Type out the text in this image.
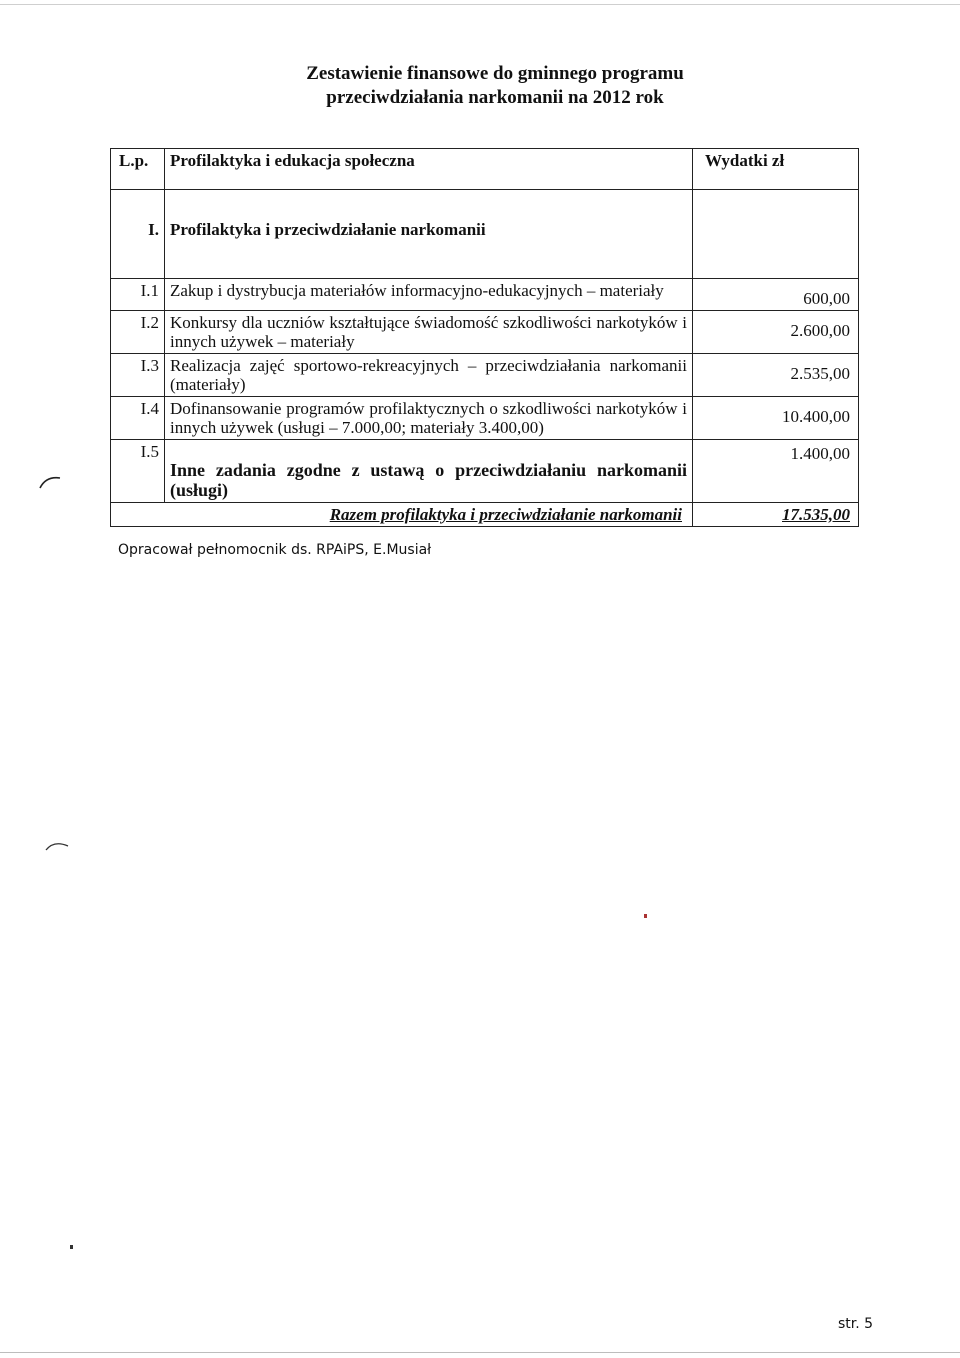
Zestawienie finansowe do gminnego programu
przeciwdziałania narkomanii na 2012 rok
L.p.	Profilaktyka i edukacja społeczna	Wydatki zł
I.	Profilaktyka i przeciwdziałanie narkomanii	
I.1	Zakup i dystrybucja materiałów informacyjno-edukacyjnych – materiały	600,00
I.2	Konkursy dla uczniów kształtujące świadomość szkodliwości narkotyków i innych używek – materiały	2.600,00
I.3	Realizacja zajęć sportowo-rekreacyjnych – przeciwdziałania narkomanii (materiały)	2.535,00
I.4	Dofinansowanie programów profilaktycznych o szkodliwości narkotyków i innych używek (usługi – 7.000,00; materiały 3.400,00)	10.400,00
I.5	Inne zadania zgodne z ustawą o przeciwdziałaniu narkomanii (usługi)	1.400,00
	Razem profilaktyka i przeciwdziałanie narkomanii	17.535,00
Opracował pełnomocnik ds. RPAiPS, E.Musiał
str. 5
